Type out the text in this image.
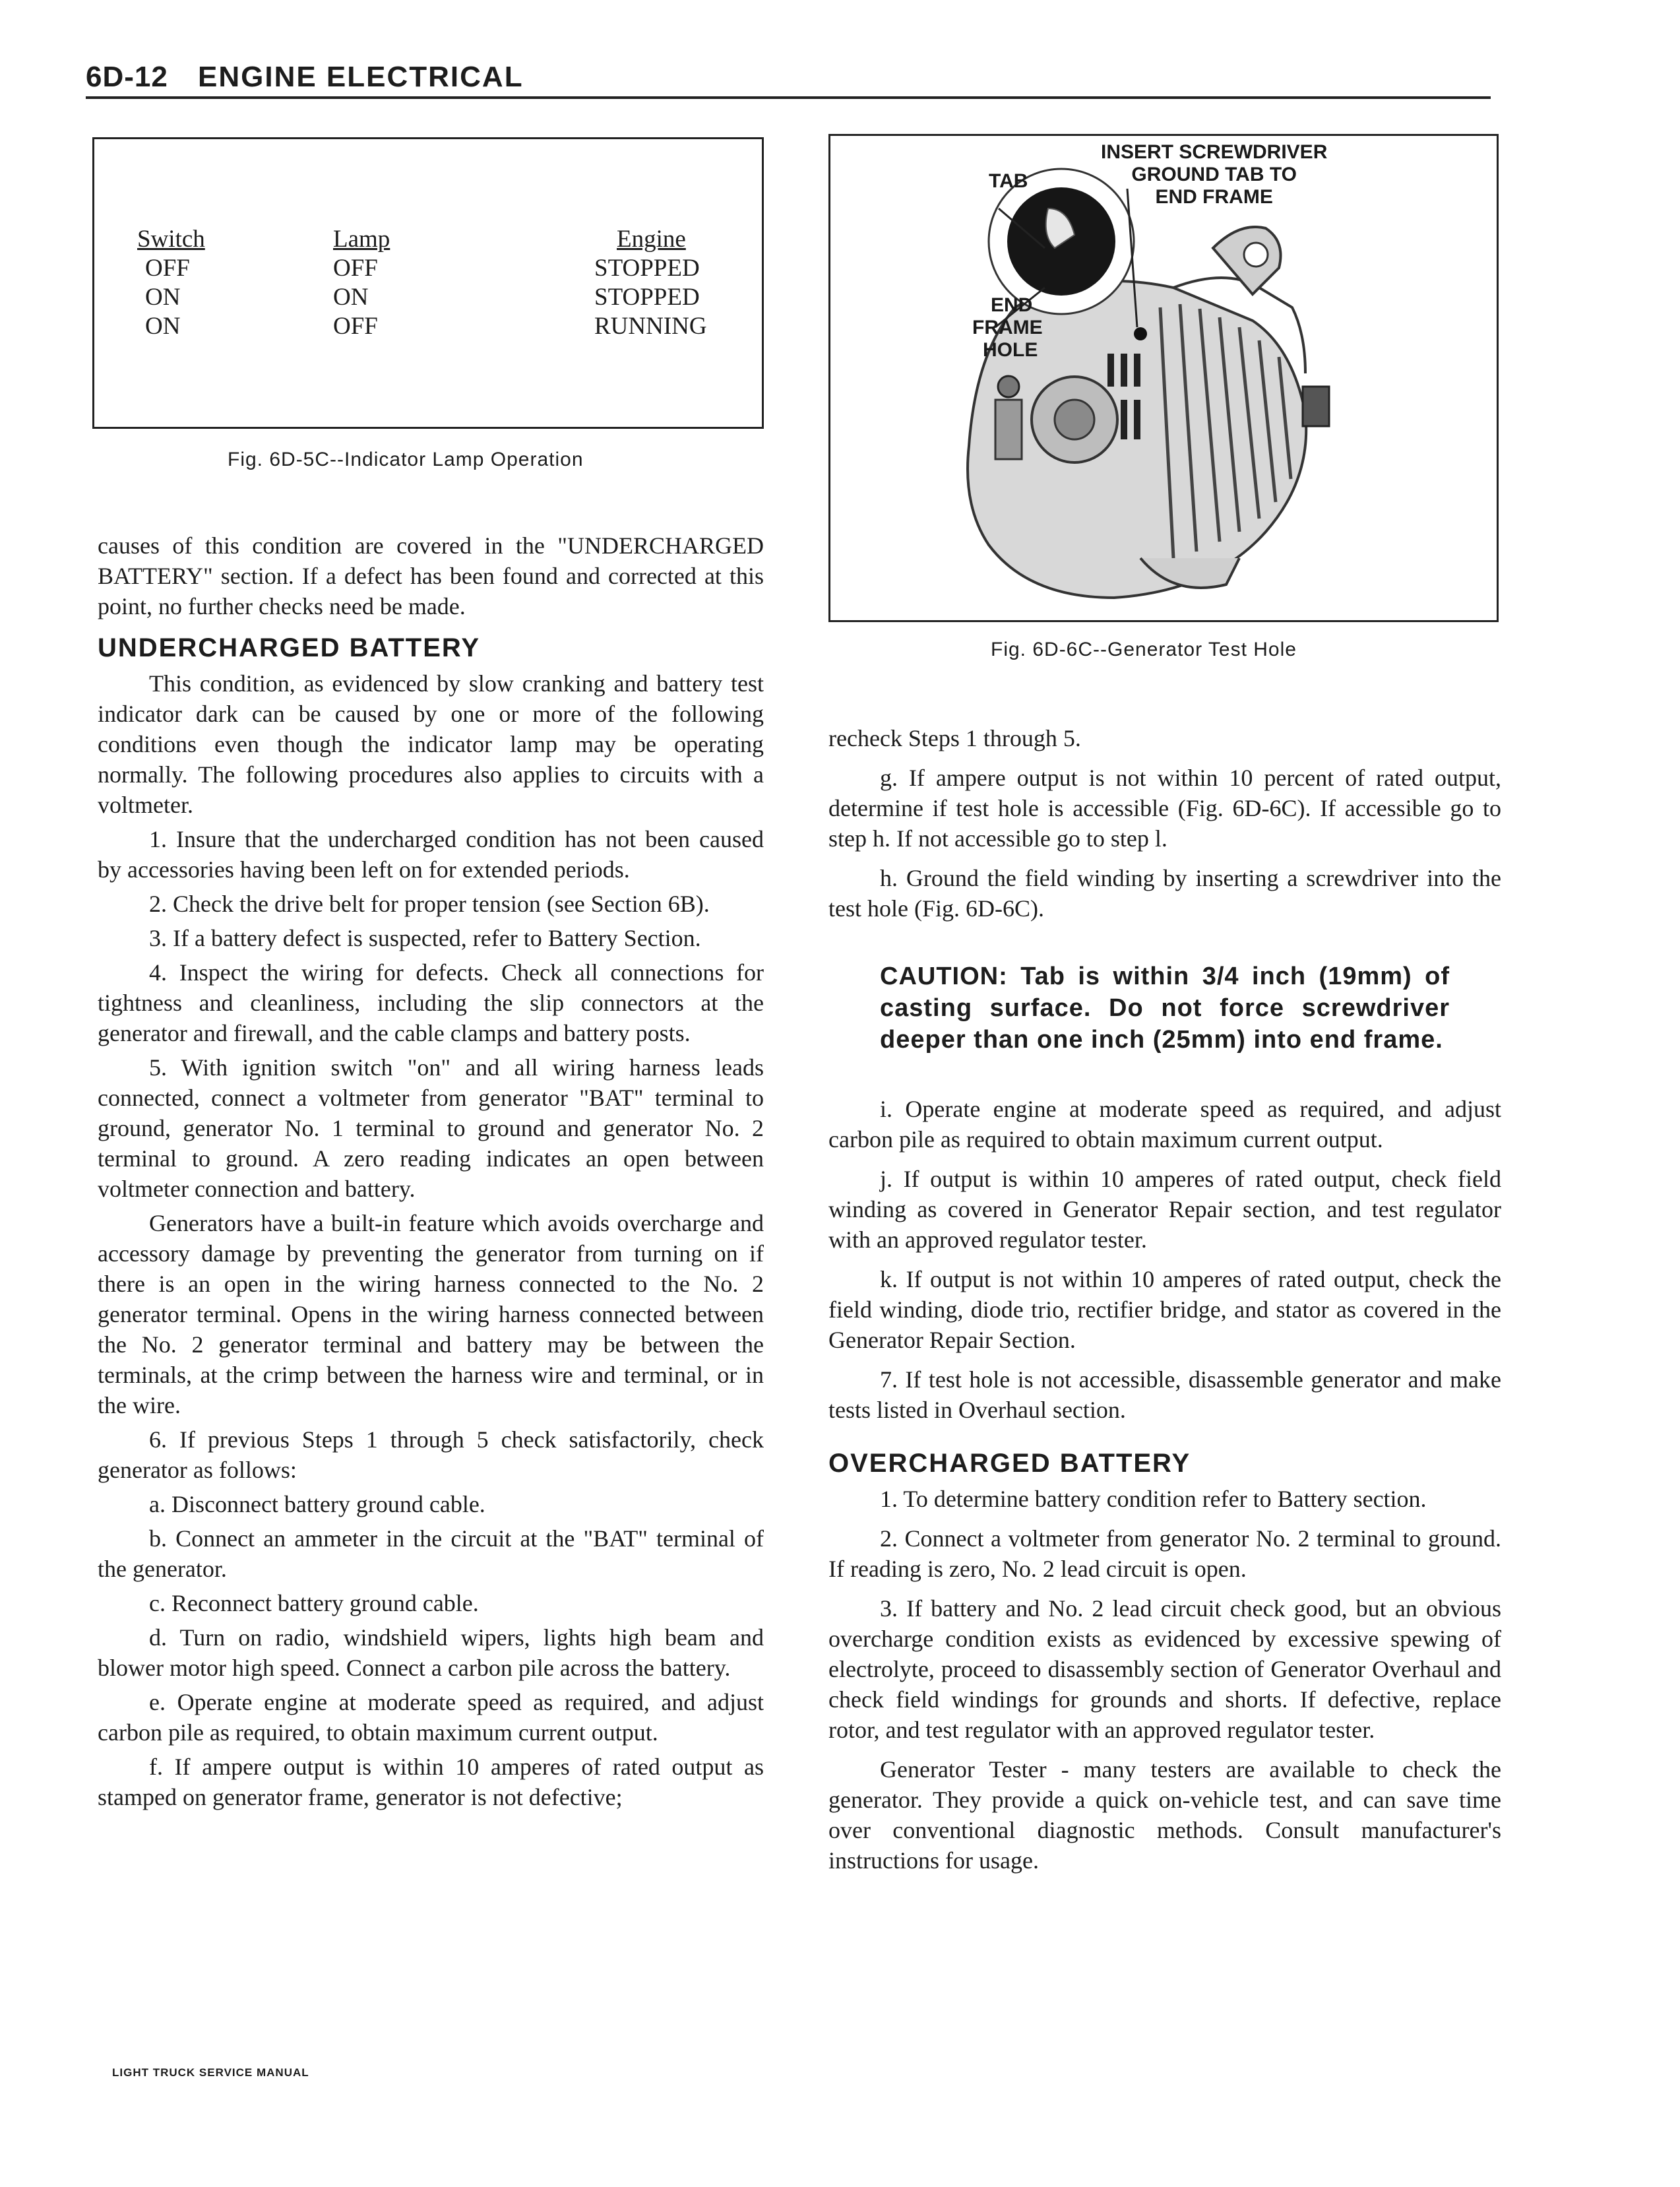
6D-12 ENGINE ELECTRICAL
Switch
OFF
ON
ON
Lamp
OFF
ON
OFF
Engine
STOPPED
STOPPED
RUNNING
Fig. 6D-5C--Indicator Lamp Operation
TAB
INSERT SCREWDRIVER
GROUND TAB TO
END FRAME
END
FRAME
HOLE
Fig. 6D-6C--Generator Test Hole

causes of this condition are covered in the "UNDERCHARGED BATTERY" section. If a defect has been found and corrected at this point, no further checks need be made.

UNDERCHARGED BATTERY

This condition, as evidenced by slow cranking and battery test indicator dark can be caused by one or more of the following conditions even though the indicator lamp may be operating normally. The following procedures also applies to circuits with a voltmeter.

1. Insure that the undercharged condition has not been caused by accessories having been left on for extended periods.

2. Check the drive belt for proper tension (see Section 6B).

3. If a battery defect is suspected, refer to Battery Section.

4. Inspect the wiring for defects. Check all connections for tightness and cleanliness, including the slip connectors at the generator and firewall, and the cable clamps and battery posts.

5. With ignition switch "on" and all wiring harness leads connected, connect a voltmeter from generator "BAT" terminal to ground, generator No. 1 terminal to ground and generator No. 2 terminal to ground. A zero reading indicates an open between voltmeter connection and battery.

Generators have a built-in feature which avoids overcharge and accessory damage by preventing the generator from turning on if there is an open in the wiring harness connected to the No. 2 generator terminal. Opens in the wiring harness connected between the No. 2 generator terminal and battery may be between the terminals, at the crimp between the harness wire and terminal, or in the wire.

6. If previous Steps 1 through 5 check satisfactorily, check generator as follows:

a. Disconnect battery ground cable.

b. Connect an ammeter in the circuit at the "BAT" terminal of the generator.

c. Reconnect battery ground cable.

d. Turn on radio, windshield wipers, lights high beam and blower motor high speed. Connect a carbon pile across the battery.

e. Operate engine at moderate speed as required, and adjust carbon pile as required, to obtain maximum current output.

f. If ampere output is within 10 amperes of rated output as stamped on generator frame, generator is not defective;

recheck Steps 1 through 5.

g. If ampere output is not within 10 percent of rated output, determine if test hole is accessible (Fig. 6D-6C). If accessible go to step h. If not accessible go to step l.

h. Ground the field winding by inserting a screwdriver into the test hole (Fig. 6D-6C).

CAUTION: Tab is within 3/4 inch (19mm) of casting surface. Do not force screwdriver deeper than one inch (25mm) into end frame.

i. Operate engine at moderate speed as required, and adjust carbon pile as required to obtain maximum current output.

j. If output is within 10 amperes of rated output, check field winding as covered in Generator Repair section, and test regulator with an approved regulator tester.

k. If output is not within 10 amperes of rated output, check the field winding, diode trio, rectifier bridge, and stator as covered in the Generator Repair Section.

7. If test hole is not accessible, disassemble generator and make tests listed in Overhaul section.

OVERCHARGED BATTERY

1. To determine battery condition refer to Battery section.

2. Connect a voltmeter from generator No. 2 terminal to ground. If reading is zero, No. 2 lead circuit is open.

3. If battery and No. 2 lead circuit check good, but an obvious overcharge condition exists as evidenced by excessive spewing of electrolyte, proceed to disassembly section of Generator Overhaul and check field windings for grounds and shorts. If defective, replace rotor, and test regulator with an approved regulator tester.

Generator Tester - many testers are available to check the generator. They provide a quick on-vehicle test, and can save time over conventional diagnostic methods. Consult manufacturer's instructions for usage.

LIGHT TRUCK SERVICE MANUAL
